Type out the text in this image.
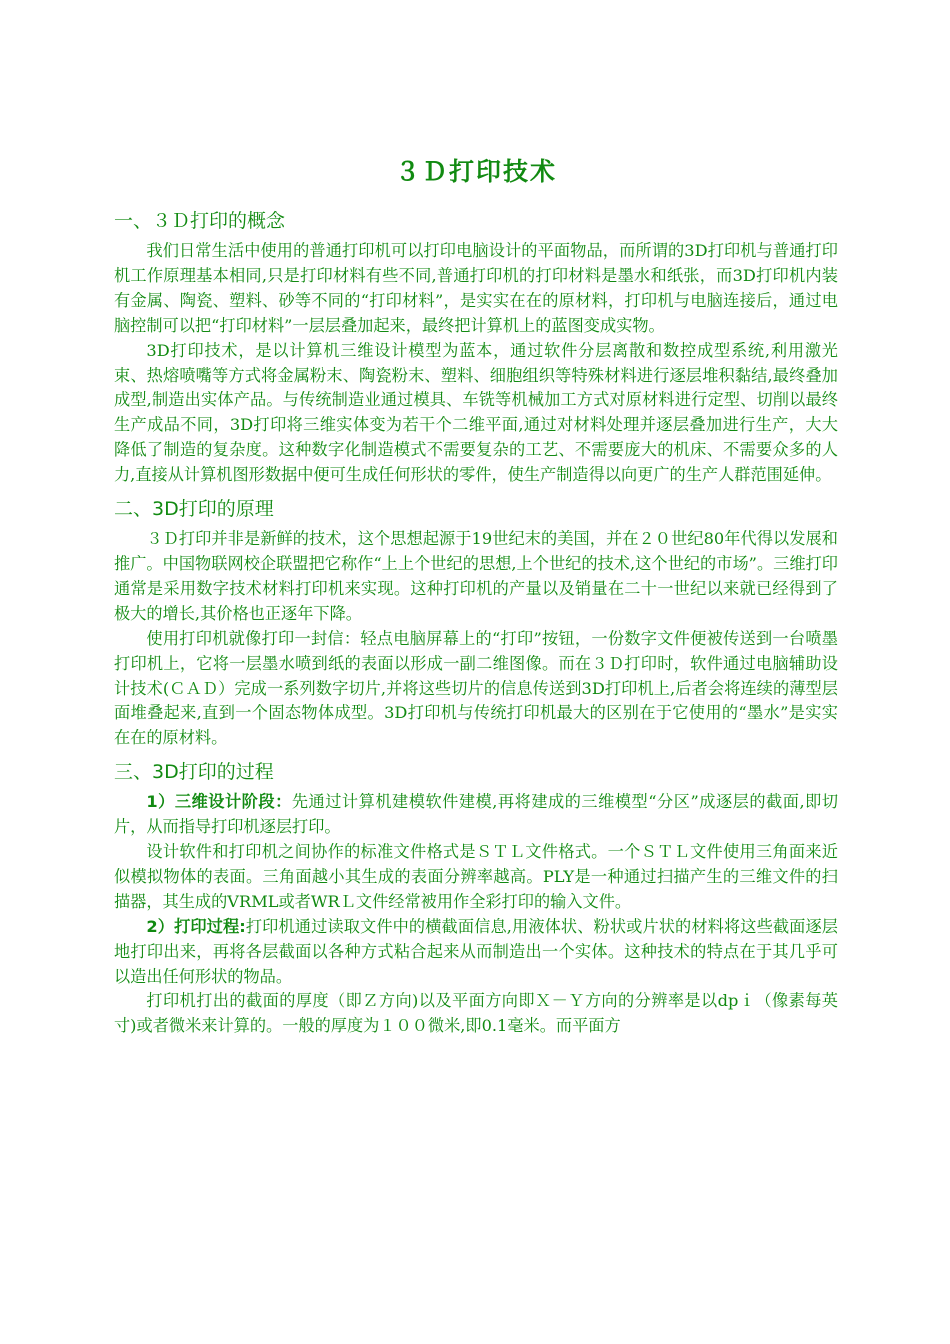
３Ｄ打印技术
一、３Ｄ打印的概念

我们日常生活中使用的普通打印机可以打印电脑设计的平面物品，而所谓的3D打印机与普通打印机工作原理基本相同,只是打印材料有些不同,普通打印机的打印材料是墨水和纸张，而3D打印机内装有金属、陶瓷、塑料、砂等不同的“打印材料”，是实实在在的原材料，打印机与电脑连接后，通过电脑控制可以把“打印材料”一层层叠加起来，最终把计算机上的蓝图变成实物。

3D打印技术，是以计算机三维设计模型为蓝本，通过软件分层离散和数控成型系统,利用激光束、热熔喷嘴等方式将金属粉末、陶瓷粉末、塑料、细胞组织等特殊材料进行逐层堆积黏结,最终叠加成型,制造出实体产品。与传统制造业通过模具、车铣等机械加工方式对原材料进行定型、切削以最终生产成品不同，3D打印将三维实体变为若干个二维平面,通过对材料处理并逐层叠加进行生产，大大降低了制造的复杂度。这种数字化制造模式不需要复杂的工艺、不需要庞大的机床、不需要众多的人力,直接从计算机图形数据中便可生成任何形状的零件，使生产制造得以向更广的生产人群范围延伸。

二、3D打印的原理

３Ｄ打印并非是新鲜的技术，这个思想起源于19世纪末的美国，并在２０世纪80年代得以发展和推广。中国物联网校企联盟把它称作“上上个世纪的思想,上个世纪的技术,这个世纪的市场”。三维打印通常是采用数字技术材料打印机来实现。这种打印机的产量以及销量在二十一世纪以来就已经得到了极大的增长,其价格也正逐年下降。

使用打印机就像打印一封信：轻点电脑屏幕上的“打印”按钮，一份数字文件便被传送到一台喷墨打印机上，它将一层墨水喷到纸的表面以形成一副二维图像。而在３Ｄ打印时，软件通过电脑辅助设计技术(ＣＡＤ）完成一系列数字切片,并将这些切片的信息传送到3D打印机上,后者会将连续的薄型层面堆叠起来,直到一个固态物体成型。3D打印机与传统打印机最大的区别在于它使用的“墨水”是实实在在的原材料。

三、3D打印的过程

1）三维设计阶段：先通过计算机建模软件建模,再将建成的三维模型“分区”成逐层的截面,即切片，从而指导打印机逐层打印。

设计软件和打印机之间协作的标准文件格式是ＳＴＬ文件格式。一个ＳＴＬ文件使用三角面来近似模拟物体的表面。三角面越小其生成的表面分辨率越高。PLY是一种通过扫描产生的三维文件的扫描器，其生成的VRML或者WRＬ文件经常被用作全彩打印的输入文件。

2）打印过程:打印机通过读取文件中的横截面信息,用液体状、粉状或片状的材料将这些截面逐层地打印出来，再将各层截面以各种方式粘合起来从而制造出一个实体。这种技术的特点在于其几乎可以造出任何形状的物品。

打印机打出的截面的厚度（即Ｚ方向)以及平面方向即Ｘ－Ｙ方向的分辨率是以dpｉ（像素每英寸)或者微米来计算的。一般的厚度为１００微米,即0.1毫米。而平面方
